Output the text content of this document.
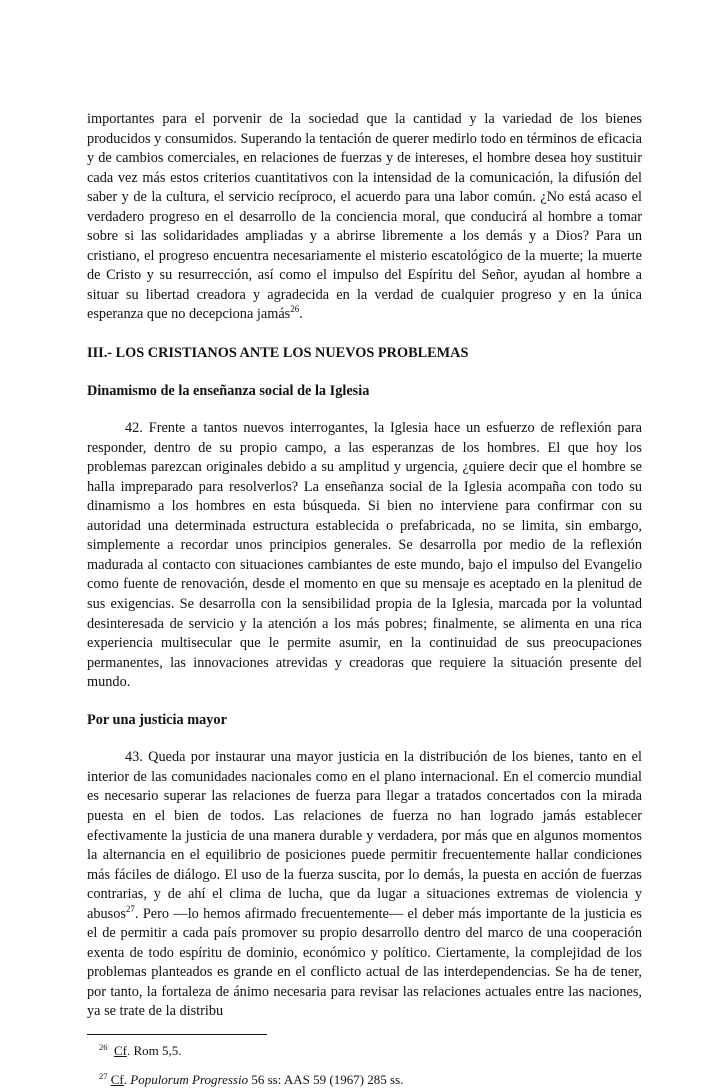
importantes para el porvenir de la sociedad que la cantidad y la variedad de los bienes producidos y consumidos. Superando la tentación de querer medirlo todo en términos de eficacia y de cambios comerciales, en relaciones de fuerzas y de intereses, el hombre desea hoy sustituir cada vez más estos criterios cuantitativos con la intensidad de la comunicación, la difusión del saber y de la cultura, el servicio recíproco, el acuerdo para una labor común. ¿No está acaso el verdadero progreso en el desarrollo de la conciencia moral, que conducirá al hombre a tomar sobre si las solidaridades ampliadas y a abrirse libremente a los demás y a Dios? Para un cristiano, el progreso encuentra necesariamente el misterio escatológico de la muerte; la muerte de Cristo y su resurrección, así como el impulso del Espíritu del Señor, ayudan al hombre a situar su libertad creadora y agradecida en la verdad de cualquier progreso y en la única esperanza que no decepciona jamás$^{26}$.

III.- LOS CRISTIANOS ANTE LOS NUEVOS PROBLEMAS
Dinamismo de la enseñanza social de la Iglesia

42. Frente a tantos nuevos interrogantes, la Iglesia hace un esfuerzo de reflexión para responder, dentro de su propio campo, a las esperanzas de los hombres. El que hoy los problemas parezcan originales debido a su amplitud y urgencia, ¿quiere decir que el hombre se halla impreparado para resolverlos? La enseñanza social de la Iglesia acompaña con todo su dinamismo a los hombres en esta búsqueda. Si bien no interviene para confirmar con su autoridad una determinada estructura establecida o prefabricada, no se limita, sin embargo, simplemente a recordar unos principios generales. Se desarrolla por medio de la reflexión madurada al contacto con situaciones cambiantes de este mundo, bajo el impulso del Evangelio como fuente de renovación, desde el momento en que su mensaje es aceptado en la plenitud de sus exigencias. Se desarrolla con la sensibilidad propia de la Iglesia, marcada por la voluntad desinteresada de servicio y la atención a los más pobres; finalmente, se alimenta en una rica experiencia multisecular que le permite asumir, en la continuidad de sus preocupaciones permanentes, las innovaciones atrevidas y creadoras que requiere la situación presente del mundo.

Por una justicia mayor

43. Queda por instaurar una mayor justicia en la distribución de los bienes, tanto en el interior de las comunidades nacionales como en el plano internacional. En el comercio mundial es necesario superar las relaciones de fuerza para llegar a tratados concertados con la mirada puesta en el bien de todos. Las relaciones de fuerza no han logrado jamás establecer efectivamente la justicia de una manera durable y verdadera, por más que en algunos momentos la alternancia en el equilibrio de posiciones puede permitir frecuentemente hallar condiciones más fáciles de diálogo. El uso de la fuerza suscita, por lo demás, la puesta en acción de fuerzas contrarias, y de ahí el clima de lucha, que da lugar a situaciones extremas de violencia y abusos$^{27}$. Pero —lo hemos afirmado frecuentemente— el deber más importante de la justicia es el de permitir a cada país promover su propio desarrollo dentro del marco de una cooperación exenta de todo espíritu de dominio, económico y político. Ciertamente, la complejidad de los problemas planteados es grande en el conflicto actual de las interdependencias. Se ha de tener, por tanto, la fortaleza de ánimo necesaria para revisar las relaciones actuales entre las naciones, ya se trate de la distribu

$^{26}$ Cf. Rom 5,5.
$^{27}$ Cf. Populorum Progressio 56 ss: AAS 59 (1967) 285 ss.
